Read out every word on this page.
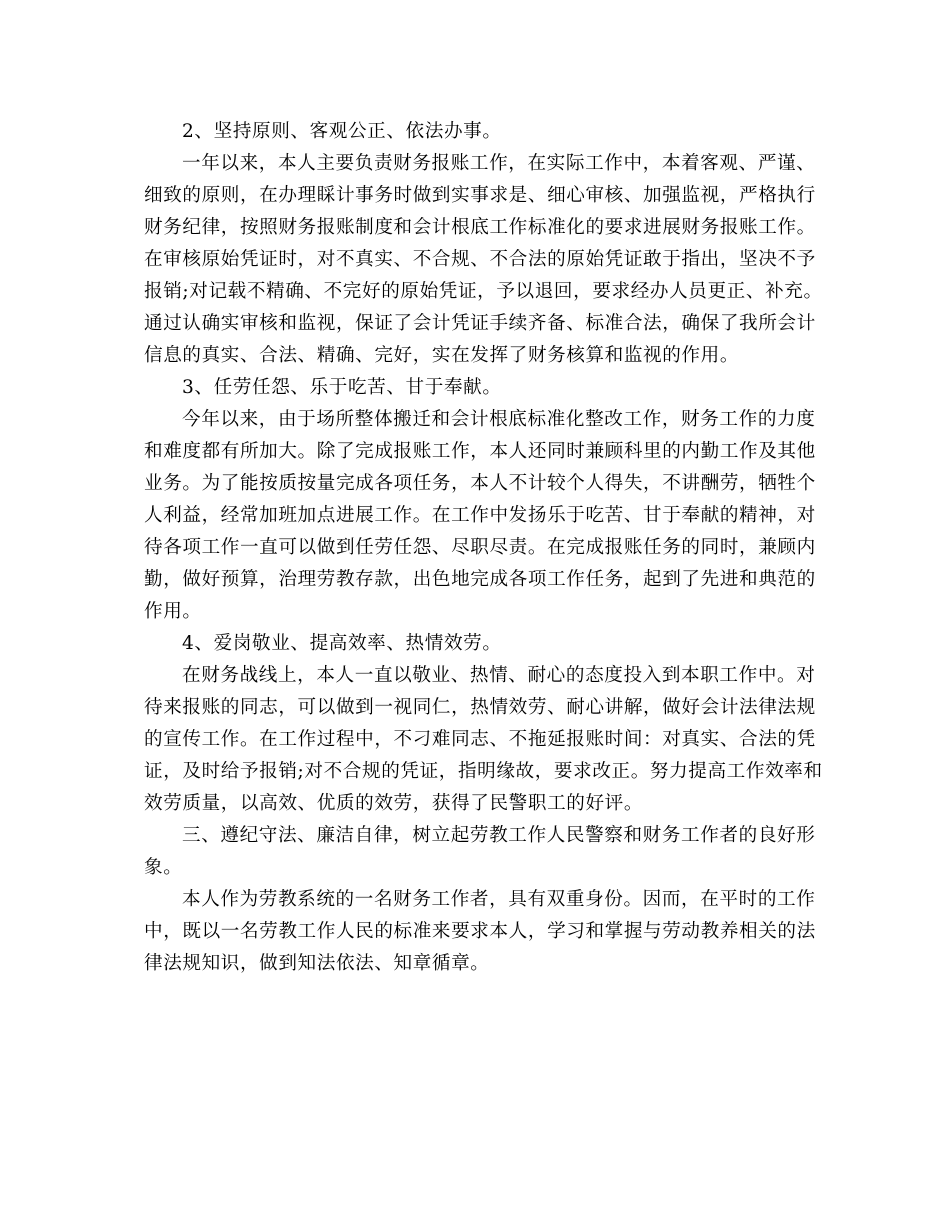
2、坚持原则、客观公正、依法办事。
一年以来，本人主要负责财务报账工作，在实际工作中，本着客观、严谨、
细致的原则，在办理睬计事务时做到实事求是、细心审核、加强监视，严格执行
财务纪律，按照财务报账制度和会计根底工作标准化的要求进展财务报账工作。
在审核原始凭证时，对不真实、不合规、不合法的原始凭证敢于指出，坚决不予
报销;对记载不精确、不完好的原始凭证，予以退回，要求经办人员更正、补充。
通过认确实审核和监视，保证了会计凭证手续齐备、标准合法，确保了我所会计
信息的真实、合法、精确、完好，实在发挥了财务核算和监视的作用。
3、任劳任怨、乐于吃苦、甘于奉献。
今年以来，由于场所整体搬迁和会计根底标准化整改工作，财务工作的力度
和难度都有所加大。除了完成报账工作，本人还同时兼顾科里的内勤工作及其他
业务。为了能按质按量完成各项任务，本人不计较个人得失，不讲酬劳，牺牲个
人利益，经常加班加点进展工作。在工作中发扬乐于吃苦、甘于奉献的精神，对
待各项工作一直可以做到任劳任怨、尽职尽责。在完成报账任务的同时，兼顾内
勤，做好预算，治理劳教存款，出色地完成各项工作任务，起到了先进和典范的
作用。
4、爱岗敬业、提高效率、热情效劳。
在财务战线上，本人一直以敬业、热情、耐心的态度投入到本职工作中。对
待来报账的同志，可以做到一视同仁，热情效劳、耐心讲解，做好会计法律法规
的宣传工作。在工作过程中，不刁难同志、不拖延报账时间：对真实、合法的凭
证，及时给予报销;对不合规的凭证，指明缘故，要求改正。努力提高工作效率和
效劳质量，以高效、优质的效劳，获得了民警职工的好评。
三、遵纪守法、廉洁自律，树立起劳教工作人民警察和财务工作者的良好形
象。
本人作为劳教系统的一名财务工作者，具有双重身份。因而，在平时的工作
中，既以一名劳教工作人民的标准来要求本人，学习和掌握与劳动教养相关的法
律法规知识，做到知法依法、知章循章。
